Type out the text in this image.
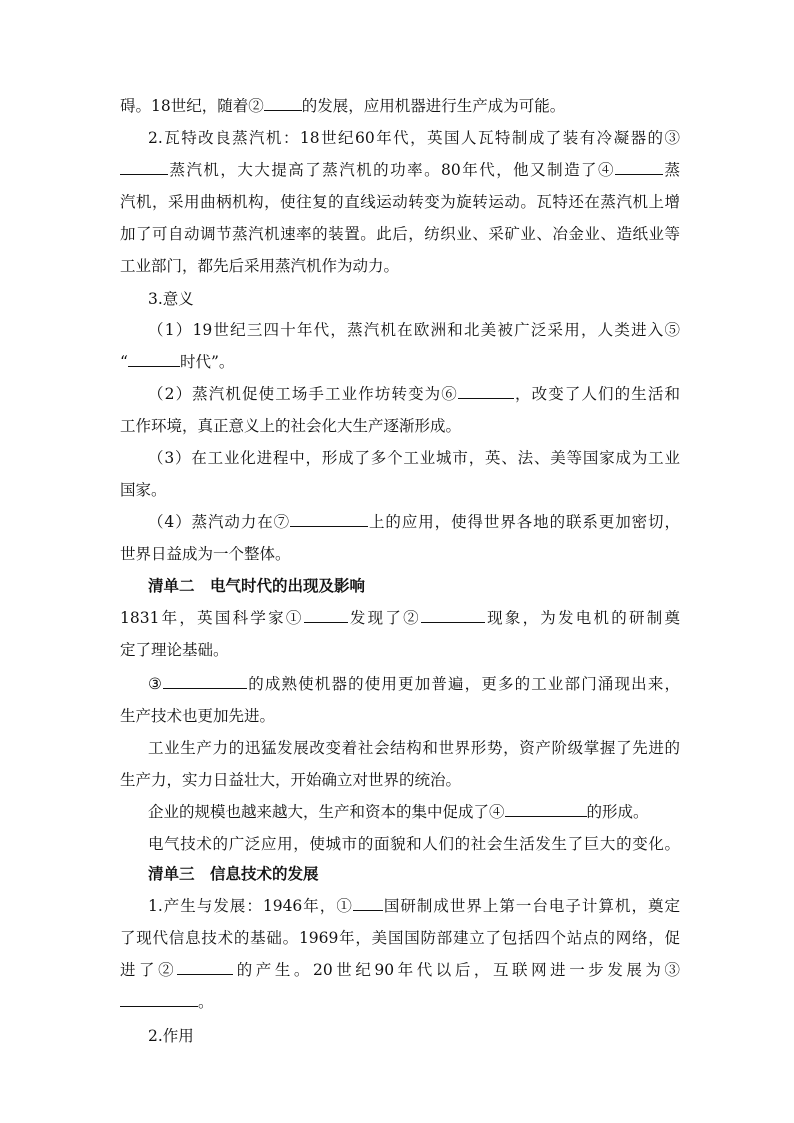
碍。18世纪，随着② 的发展，应用机器进行生产成为可能。
2.瓦特改良蒸汽机：18世纪60年代，英国人瓦特制成了装有冷凝器的③
蒸汽机，大大提高了蒸汽机的功率。80年代，他又制造了④	蒸
汽机，采用曲柄机构，使往复的直线运动转变为旋转运动。瓦特还在蒸汽机上增
加了可自动调节蒸汽机速率的装置。此后，纺织业、采矿业、冶金业、造纸业等
工业部门，都先后采用蒸汽机作为动力。
3.意义
（1）19世纪三四十年代，蒸汽机在欧洲和北美被广泛采用，人类进入⑤
“	时代”。
（2）蒸汽机促使工场手工业作坊转变为⑥	，改变了人们的生活和
工作环境，真正意义上的社会化大生产逐渐形成。
（3）在工业化进程中，形成了多个工业城市，英、法、美等国家成为工业
国家。
（4）蒸汽动力在⑦	上的应用，使得世界各地的联系更加密切，
世界日益成为一个整体。
清单二　电气时代的出现及影响
1831年，英国科学家①	发现了②	现象，为发电机的研制奠
定了理论基础。
③	的成熟使机器的使用更加普遍，更多的工业部门涌现出来，
生产技术也更加先进。
工业生产力的迅猛发展改变着社会结构和世界形势，资产阶级掌握了先进的
生产力，实力日益壮大，开始确立对世界的统治。
企业的规模也越来越大，生产和资本的集中促成了④	的形成。
电气技术的广泛应用，使城市的面貌和人们的社会生活发生了巨大的变化。
清单三　信息技术的发展
1.产生与发展：1946年，① 国研制成世界上第一台电子计算机，奠定
了现代信息技术的基础。1969年，美国国防部建立了包括四个站点的网络，促
进了②	的产生。20世纪90年代以后，互联网进一步发展为③
。
2.作用
